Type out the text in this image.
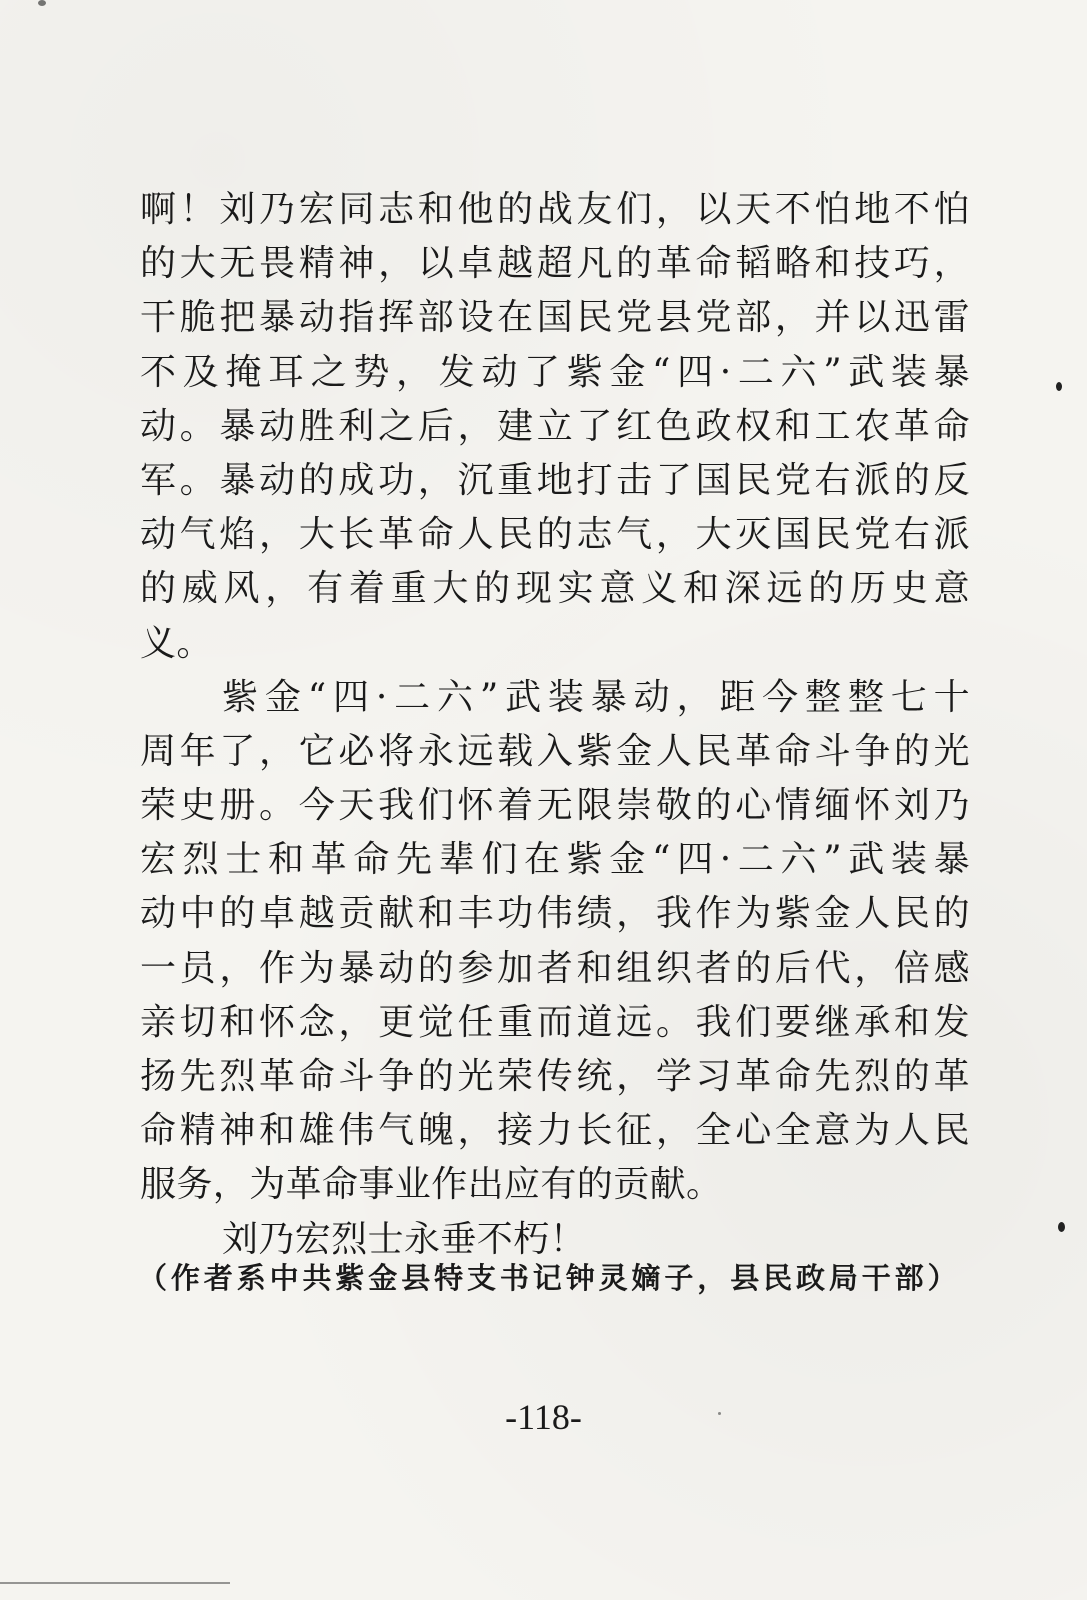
啊！刘乃宏同志和他的战友们，以天不怕地不怕
的大无畏精神，以卓越超凡的革命韬略和技巧，
干脆把暴动指挥部设在国民党县党部，并以迅雷
不及掩耳之势，发动了紫金“四·二六”武装暴
动。暴动胜利之后，建立了红色政权和工农革命
军。暴动的成功，沉重地打击了国民党右派的反
动气焰，大长革命人民的志气，大灭国民党右派
的威风，有着重大的现实意义和深远的历史意
义。
紫金“四·二六”武装暴动，距今整整七十
周年了，它必将永远载入紫金人民革命斗争的光
荣史册。今天我们怀着无限崇敬的心情缅怀刘乃
宏烈士和革命先辈们在紫金“四·二六”武装暴
动中的卓越贡献和丰功伟绩，我作为紫金人民的
一员，作为暴动的参加者和组织者的后代，倍感
亲切和怀念，更觉任重而道远。我们要继承和发
扬先烈革命斗争的光荣传统，学习革命先烈的革
命精神和雄伟气魄，接力长征，全心全意为人民
服务，为革命事业作出应有的贡献。
刘乃宏烈士永垂不朽！
（作者系中共紫金县特支书记钟灵嫡子，县民政局干部）
-118-
